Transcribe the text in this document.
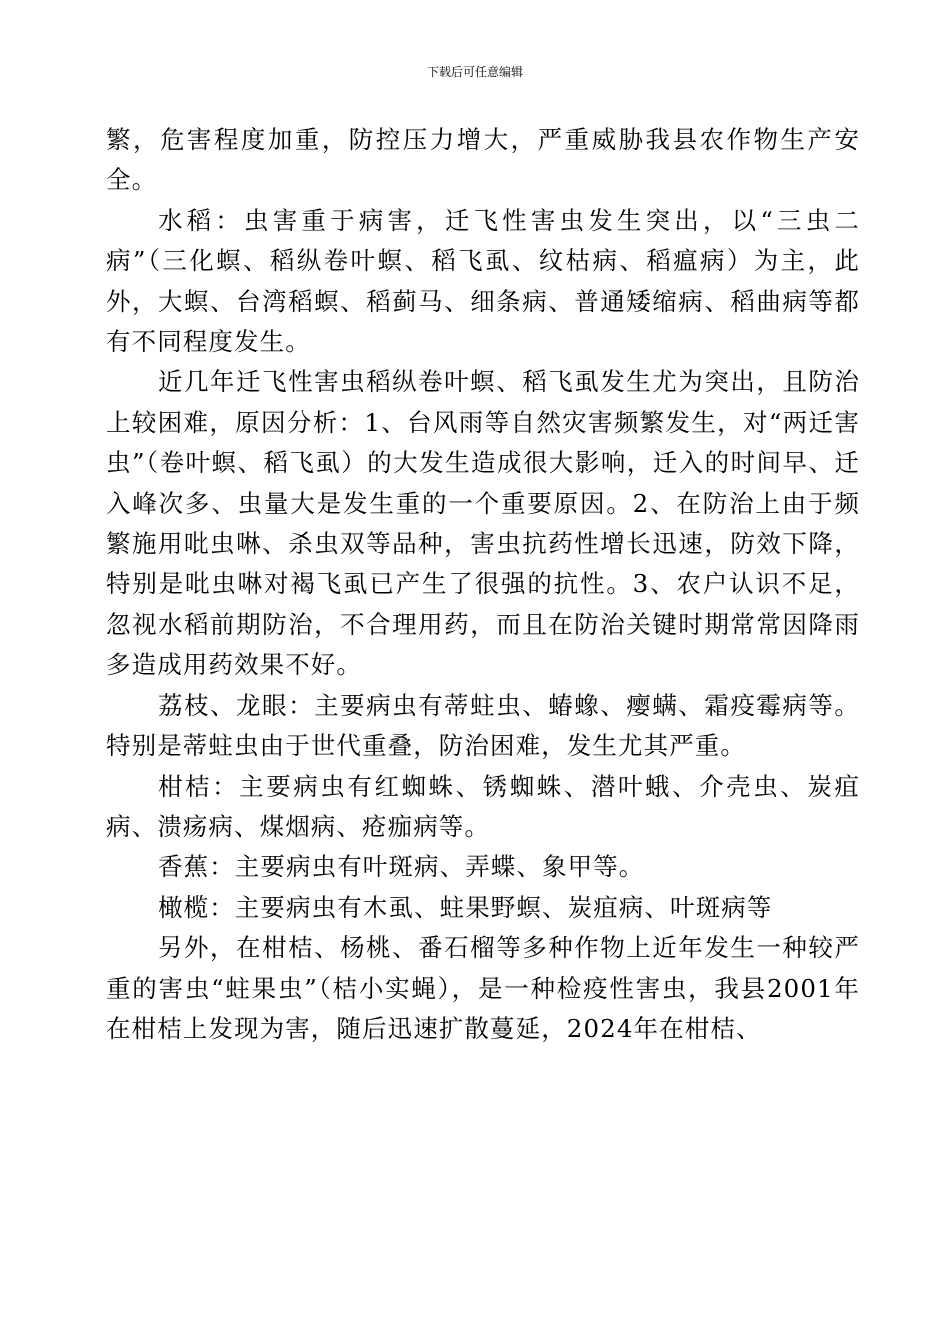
下载后可任意编辑

繁，危害程度加重，防控压力增大，严重威胁我县农作物生产安全。

水稻：虫害重于病害，迁飞性害虫发生突出，以“三虫二病”（三化螟、稻纵卷叶螟、稻飞虱、纹枯病、稻瘟病）为主，此外，大螟、台湾稻螟、稻蓟马、细条病、普通矮缩病、稻曲病等都有不同程度发生。

近几年迁飞性害虫稻纵卷叶螟、稻飞虱发生尤为突出，且防治上较困难，原因分析：1、台风雨等自然灾害频繁发生，对“两迁害虫”（卷叶螟、稻飞虱）的大发生造成很大影响，迁入的时间早、迁入峰次多、虫量大是发生重的一个重要原因。2、在防治上由于频繁施用吡虫啉、杀虫双等品种，害虫抗药性增长迅速，防效下降，特别是吡虫啉对褐飞虱已产生了很强的抗性。3、农户认识不足，忽视水稻前期防治，不合理用药，而且在防治关键时期常常因降雨多造成用药效果不好。

荔枝、龙眼：主要病虫有蒂蛀虫、蝽蟓、瘿螨、霜疫霉病等。特别是蒂蛀虫由于世代重叠，防治困难，发生尤其严重。

柑桔：主要病虫有红蜘蛛、锈蜘蛛、潜叶蛾、介壳虫、炭疽病、溃疡病、煤烟病、疮痂病等。

香蕉：主要病虫有叶斑病、弄蝶、象甲等。

橄榄：主要病虫有木虱、蛀果野螟、炭疽病、叶斑病等

另外，在柑桔、杨桃、番石榴等多种作物上近年发生一种较严重的害虫“蛀果虫”（桔小实蝇），是一种检疫性害虫，我县2001年在柑桔上发现为害，随后迅速扩散蔓延，2024年在柑桔、
